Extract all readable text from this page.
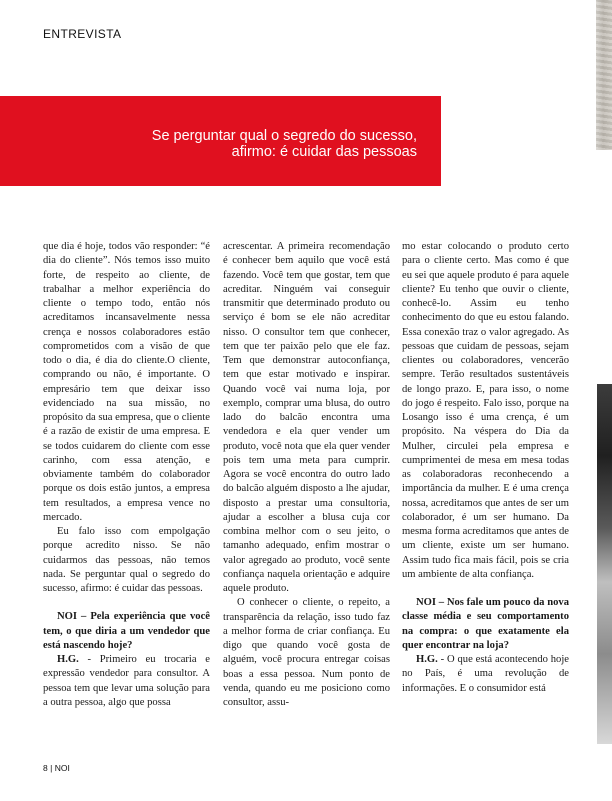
ENTREVISTA
Se perguntar qual o segredo do sucesso,
afirmo: é cuidar das pessoas

que dia é hoje, todos vão responder: “é dia do cliente”. Nós temos isso muito forte, de respeito ao cliente, de trabalhar a melhor experiência do cliente o tempo todo, então nós acreditamos incansavelmente nessa crença e nossos colaboradores estão comprometidos com a visão de que todo o dia, é dia do cliente.O cliente, comprando ou não, é importante. O empresário tem que deixar isso evidenciado na sua missão, no propósito da sua empresa, que o cliente é a razão de existir de uma empresa. E se todos cuidarem do cliente com esse carinho, com essa atenção, e obviamente também do colaborador porque os dois estão juntos, a empresa tem resultados, a empresa vence no mercado.

Eu falo isso com empolgação porque acredito nisso. Se não cuidarmos das pessoas, não temos nada. Se perguntar qual o segredo do sucesso, afirmo: é cuidar das pessoas.

NOI – Pela experiência que você tem, o que diria a um vendedor que está nascendo hoje?

H.G. - Primeiro eu trocaria e expressão vendedor para consultor. A pessoa tem que levar uma solução para a outra pessoa, algo que possa

acrescentar. A primeira recomendação é conhecer bem aquilo que você está fazendo. Você tem que gostar, tem que acreditar. Ninguém vai conseguir transmitir que determinado produto ou serviço é bom se ele não acreditar nisso. O consultor tem que conhecer, tem que ter paixão pelo que ele faz. Tem que demonstrar autoconfiança, tem que estar motivado e inspirar. Quando você vai numa loja, por exemplo, comprar uma blusa, do outro lado do balcão encontra uma vendedora e ela quer vender um produto, você nota que ela quer vender pois tem uma meta para cumprir. Agora se você encontra do outro lado do balcão alguém disposto a lhe ajudar, disposto a prestar uma consultoria, ajudar a escolher a blusa cuja cor combina melhor com o seu jeito, o tamanho adequado, enfim mostrar o valor agregado ao produto, você sente confiança naquela orientação e adquire aquele produto.

O conhecer o cliente, o repeito, a transparência da relação, isso tudo faz a melhor forma de criar confiança. Eu digo que quando você gosta de alguém, você procura entregar coisas boas a essa pessoa. Num ponto de venda, quando eu me posiciono como consultor, assu-

mo estar colocando o produto certo para o cliente certo. Mas como é que eu sei que aquele produto é para aquele cliente? Eu tenho que ouvir o cliente, conhecê-lo. Assim eu tenho conhecimento do que eu estou falando. Essa conexão traz o valor agregado. As pessoas que cuidam de pessoas, sejam clientes ou colaboradores, vencerão sempre. Terão resultados sustentáveis de longo prazo. E, para isso, o nome do jogo é respeito. Falo isso, porque na Losango isso é uma crença, é um propósito. Na véspera do Dia da Mulher, circulei pela empresa e cumprimentei de mesa em mesa todas as colaboradoras reconhecendo a importância da mulher. E é uma crença nossa, acreditamos que antes de ser um colaborador, é um ser humano. Da mesma forma acreditamos que antes de um cliente, existe um ser humano. Assim tudo fica mais fácil, pois se cria um ambiente de alta confiança.

NOI – Nos fale um pouco da nova classe média e seu comportamento na compra: o que exatamente ela quer encontrar na loja?

H.G. - O que está acontecendo hoje no País, é uma revolução de informações. E o consumidor está

8 | NOI
